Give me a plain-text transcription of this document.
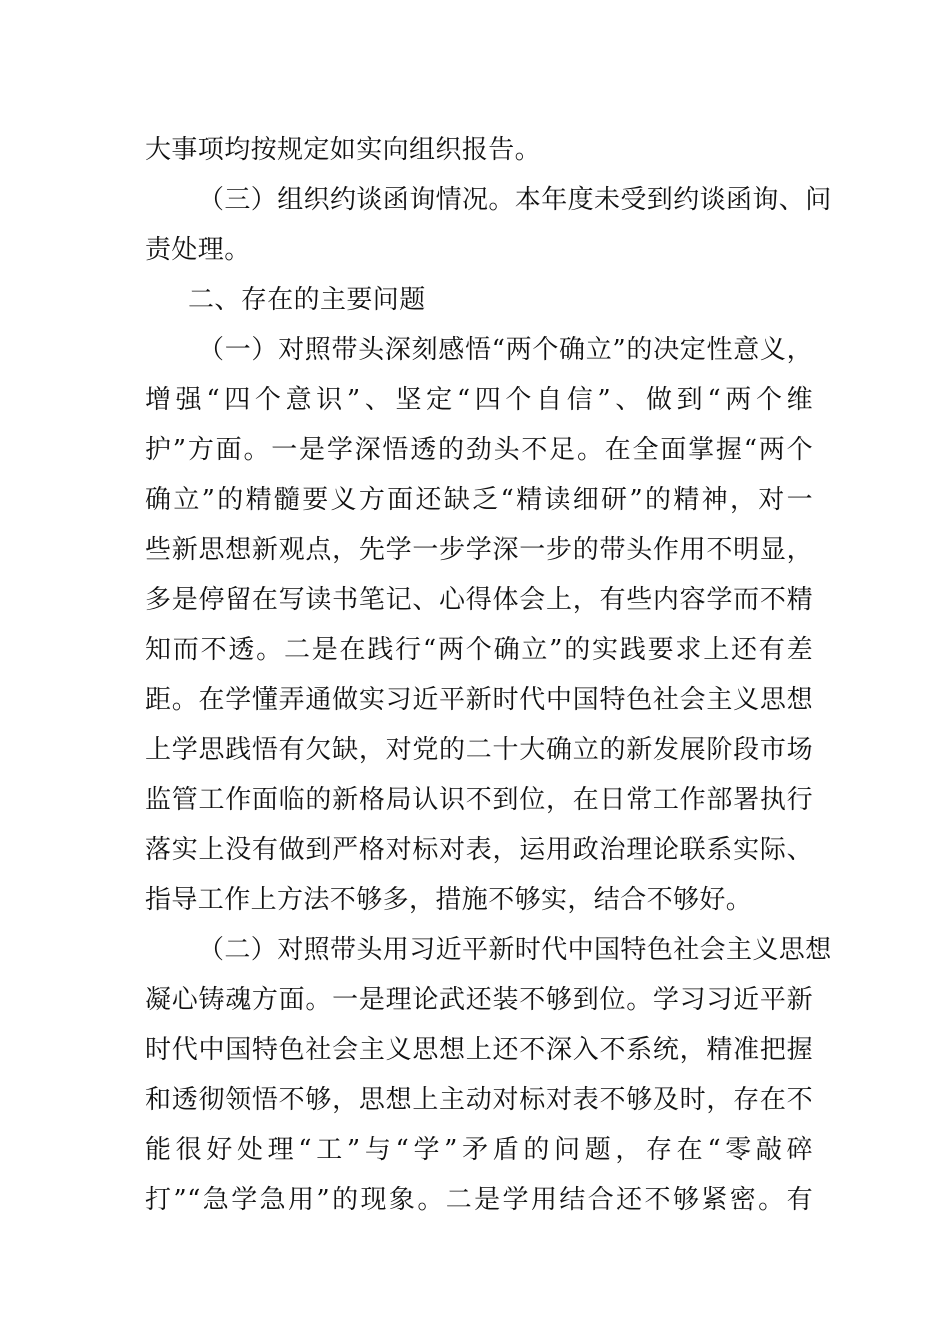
大事项均按规定如实向组织报告。
（三）组织约谈函询情况。本年度未受到约谈函询、问
责处理。
二、存在的主要问题
（一）对照带头深刻感悟“两个确立”的决定性意义，
增强“四个意识”、坚定“四个自信”、做到“两个维
护”方面。一是学深悟透的劲头不足。在全面掌握“两个
确立”的精髓要义方面还缺乏“精读细研”的精神，对一
些新思想新观点，先学一步学深一步的带头作用不明显，
多是停留在写读书笔记、心得体会上，有些内容学而不精
知而不透。二是在践行“两个确立”的实践要求上还有差
距。在学懂弄通做实习近平新时代中国特色社会主义思想
上学思践悟有欠缺，对党的二十大确立的新发展阶段市场
监管工作面临的新格局认识不到位，在日常工作部署执行
落实上没有做到严格对标对表，运用政治理论联系实际、
指导工作上方法不够多，措施不够实，结合不够好。
（二）对照带头用习近平新时代中国特色社会主义思想
凝心铸魂方面。一是理论武还装不够到位。学习习近平新
时代中国特色社会主义思想上还不深入不系统，精准把握
和透彻领悟不够，思想上主动对标对表不够及时，存在不
能很好处理“工”与“学”矛盾的问题，存在“零敲碎
打”“急学急用”的现象。二是学用结合还不够紧密。有
